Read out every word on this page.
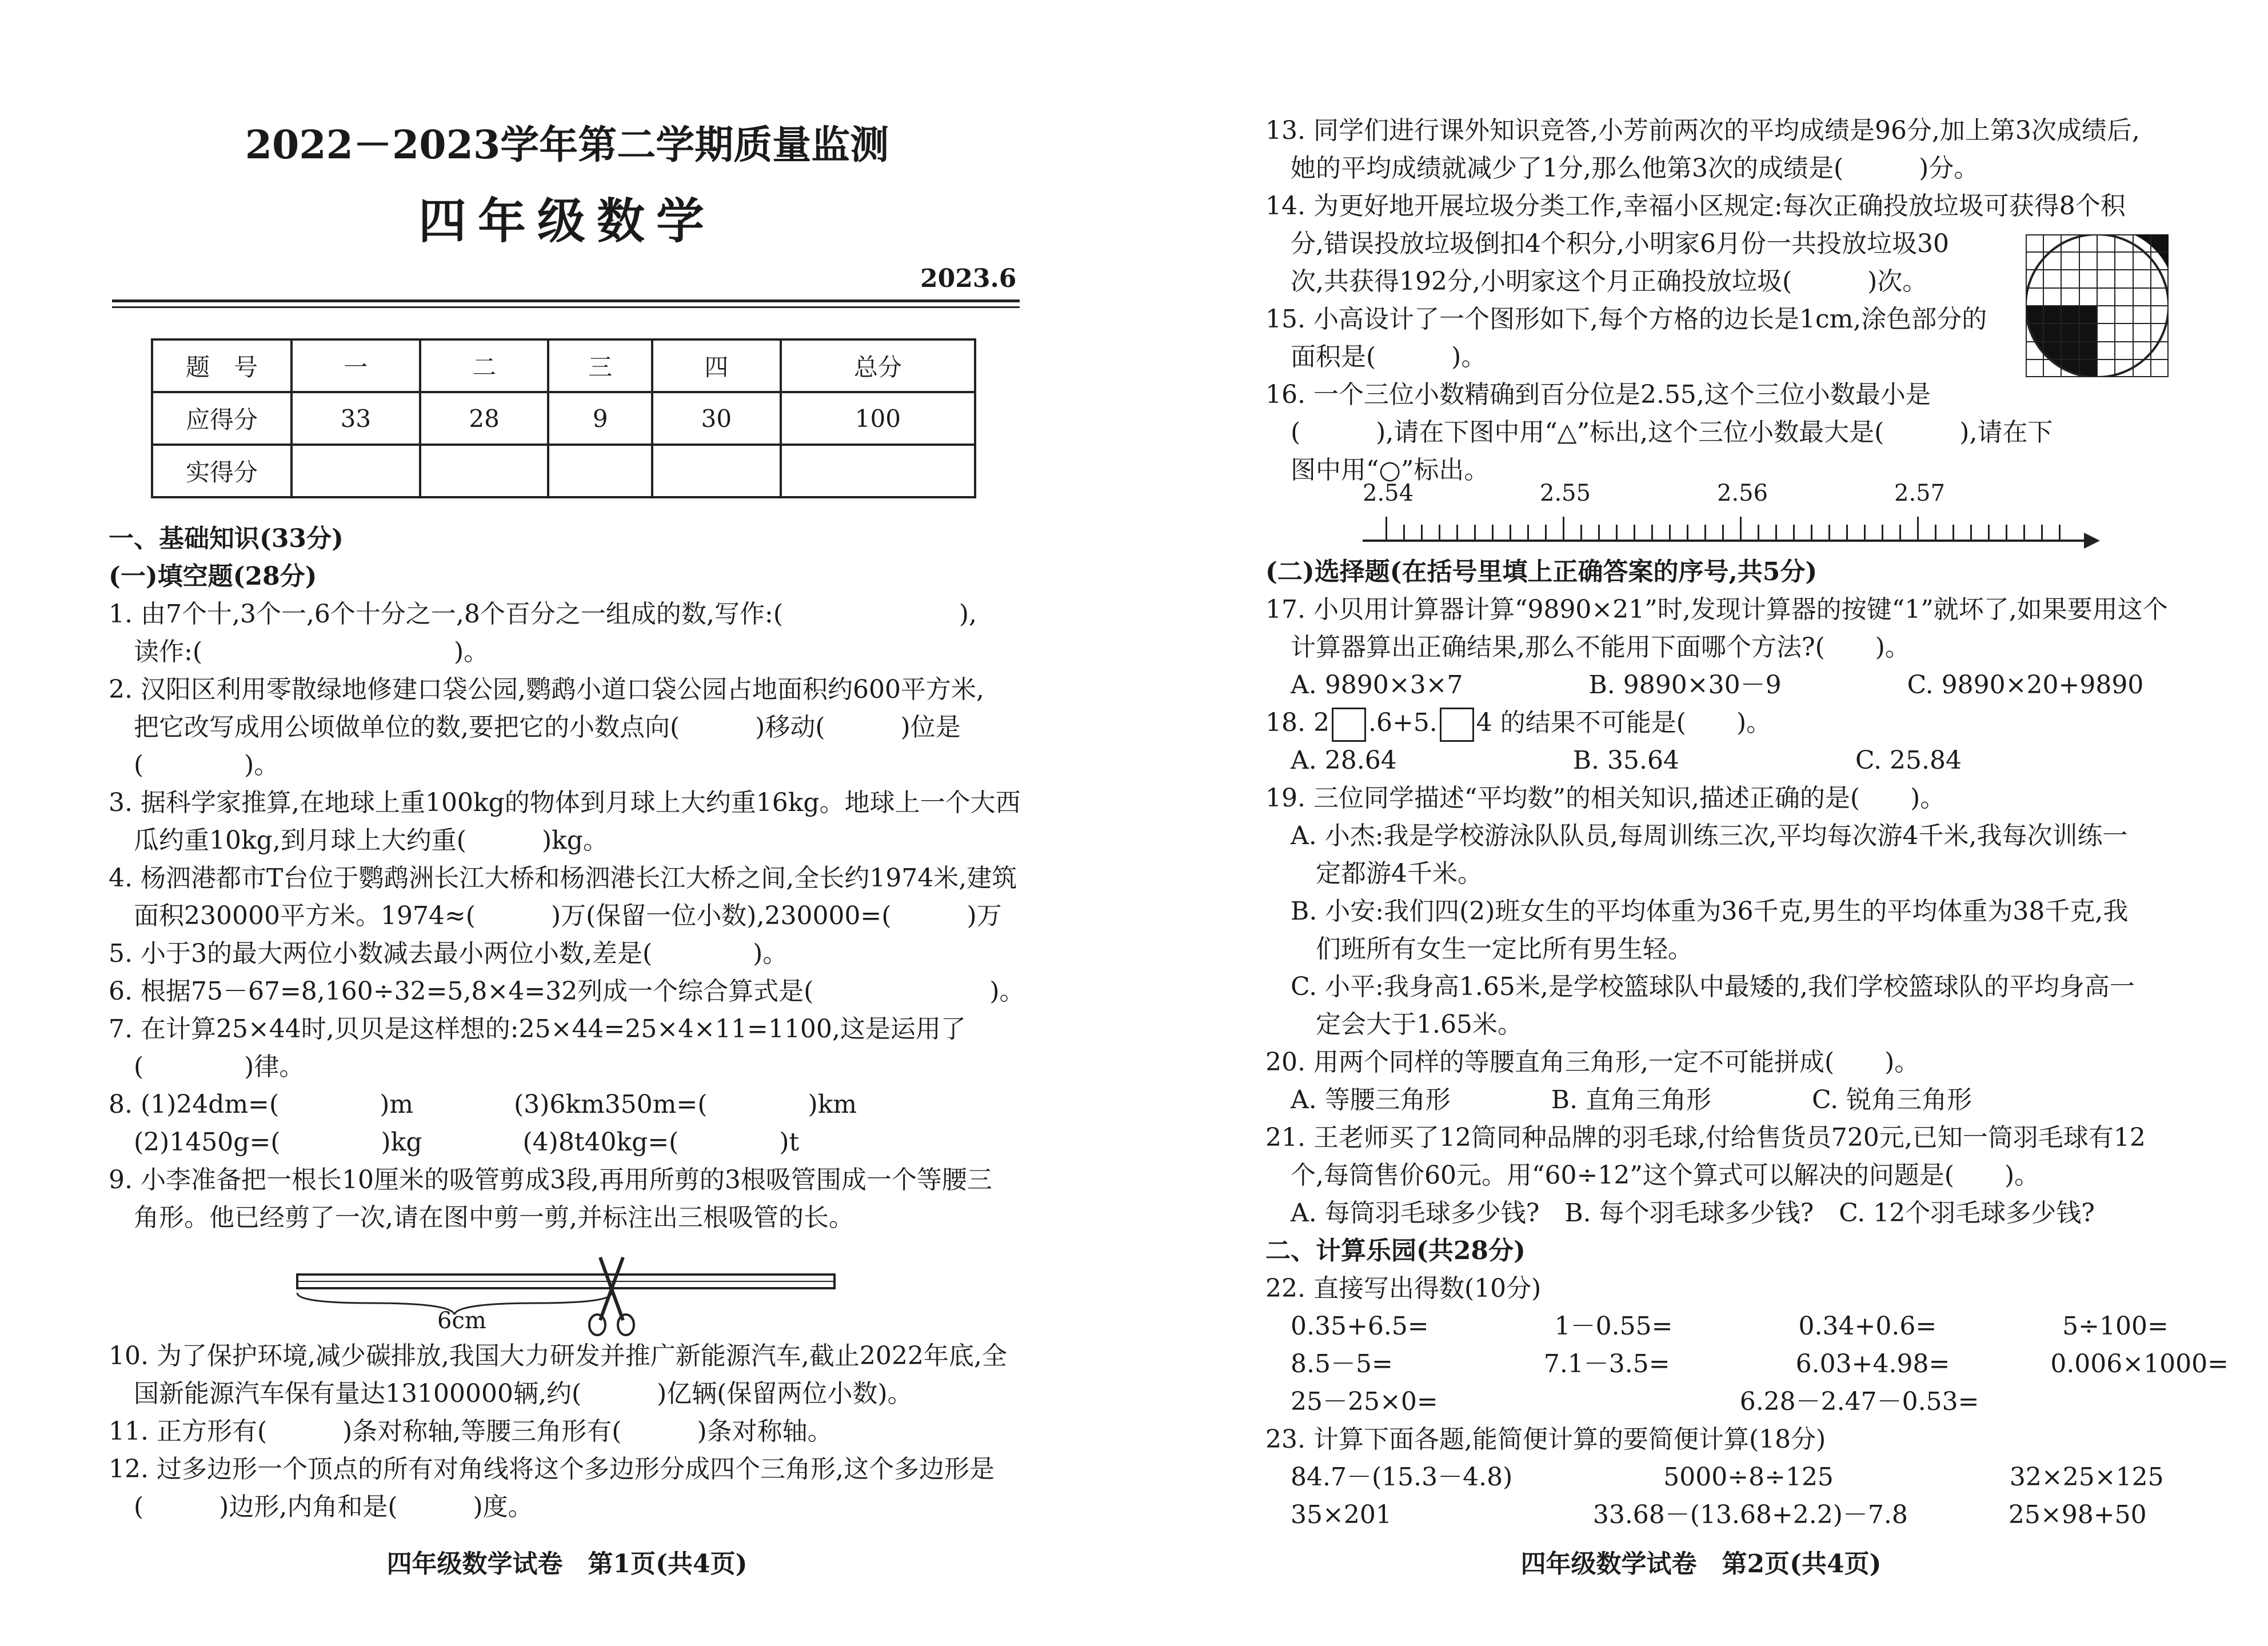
2022－2023学年第二学期质量监测
四年级数学
2023.6
题　号	一	二	三	四	总分
应得分	33	28	9	30	100
实得分					
一、基础知识(33分)
(一)填空题(28分)
1. 由7个十,3个一,6个十分之一,8个百分之一组成的数,写作:(　　　　　　　),
　读作:(　　　　　　　　　　)。
2. 汉阳区利用零散绿地修建口袋公园,鹦鹉小道口袋公园占地面积约600平方米,
　把它改写成用公顷做单位的数,要把它的小数点向(　　　)移动(　　　)位是
　(　　　　)。
3. 据科学家推算,在地球上重100kg的物体到月球上大约重16kg。地球上一个大西
　瓜约重10kg,到月球上大约重(　　　)kg。
4. 杨泗港都市T台位于鹦鹉洲长江大桥和杨泗港长江大桥之间,全长约1974米,建筑
　面积230000平方米。1974≈(　　　)万(保留一位小数),230000=(　　　)万
5. 小于3的最大两位小数减去最小两位小数,差是(　　　　)。
6. 根据75－67=8,160÷32=5,8×4=32列成一个综合算式是(　　　　　　　)。
7. 在计算25×44时,贝贝是这样想的:25×44=25×4×11=1100,这是运用了
　(　　　　)律。
8. (1)24dm=(　　　　)m　　　　(3)6km350m=(　　　　)km
　(2)1450g=(　　　　)kg　　　　(4)8t40kg=(　　　　)t
9. 小李准备把一根长10厘米的吸管剪成3段,再用所剪的3根吸管围成一个等腰三
　角形。他已经剪了一次,请在图中剪一剪,并标注出三根吸管的长。
6cm
10. 为了保护环境,减少碳排放,我国大力研发并推广新能源汽车,截止2022年底,全
　国新能源汽车保有量达13100000辆,约(　　　)亿辆(保留两位小数)。
11. 正方形有(　　　)条对称轴,等腰三角形有(　　　)条对称轴。
12. 过多边形一个顶点的所有对角线将这个多边形分成四个三角形,这个多边形是
　(　　　)边形,内角和是(　　　)度。
四年级数学试卷　第1页(共4页)
13. 同学们进行课外知识竞答,小芳前两次的平均成绩是96分,加上第3次成绩后,
　她的平均成绩就减少了1分,那么他第3次的成绩是(　　　)分。
14. 为更好地开展垃圾分类工作,幸福小区规定:每次正确投放垃圾可获得8个积
　分,错误投放垃圾倒扣4个积分,小明家6月份一共投放垃圾30
　次,共获得192分,小明家这个月正确投放垃圾(　　　)次。
15. 小高设计了一个图形如下,每个方格的边长是1cm,涂色部分的
　面积是(　　　)。
16. 一个三位小数精确到百分位是2.55,这个三位小数最小是
　(　　　),请在下图中用“△”标出,这个三位小数最大是(　　　),请在下
　图中用“○”标出。
2.54	2.55	2.56	2.57
(二)选择题(在括号里填上正确答案的序号,共5分)
17. 小贝用计算器计算“9890×21”时,发现计算器的按键“1”就坏了,如果要用这个
　计算器算出正确结果,那么不能用下面哪个方法?(　　)。
　A. 9890×3×7　　　　　B. 9890×30－9　　　　　C. 9890×20+9890
18. 2 .6+5. 4 的结果不可能是(　　)。
　A. 28.64　　　　　　　B. 35.64　　　　　　　C. 25.84
19. 三位同学描述“平均数”的相关知识,描述正确的是(　　)。
　A. 小杰:我是学校游泳队队员,每周训练三次,平均每次游4千米,我每次训练一
　　定都游4千米。
　B. 小安:我们四(2)班女生的平均体重为36千克,男生的平均体重为38千克,我
　　们班所有女生一定比所有男生轻。
　C. 小平:我身高1.65米,是学校篮球队中最矮的,我们学校篮球队的平均身高一
　　定会大于1.65米。
20. 用两个同样的等腰直角三角形,一定不可能拼成(　　)。
　A. 等腰三角形　　　　B. 直角三角形　　　　C. 锐角三角形
21. 王老师买了12筒同种品牌的羽毛球,付给售货员720元,已知一筒羽毛球有12
　个,每筒售价60元。用“60÷12”这个算式可以解决的问题是(　　)。
　A. 每筒羽毛球多少钱?　B. 每个羽毛球多少钱?　C. 12个羽毛球多少钱?
二、计算乐园(共28分)
22. 直接写出得数(10分)
　0.35+6.5=　　　　　1－0.55=　　　　　0.34+0.6=　　　　　5÷100=
　8.5－5=　　　　　　7.1－3.5=　　　　　6.03+4.98=　　　　0.006×1000=
　25－25×0=　　　　　　　　　　　　6.28－2.47－0.53=
23. 计算下面各题,能简便计算的要简便计算(18分)
　84.7－(15.3－4.8)　　　　　　5000÷8÷125　　　　　　　32×25×125
　35×201　　　　　　　　33.68－(13.68+2.2)－7.8　　　　25×98+50
四年级数学试卷　第2页(共4页)
